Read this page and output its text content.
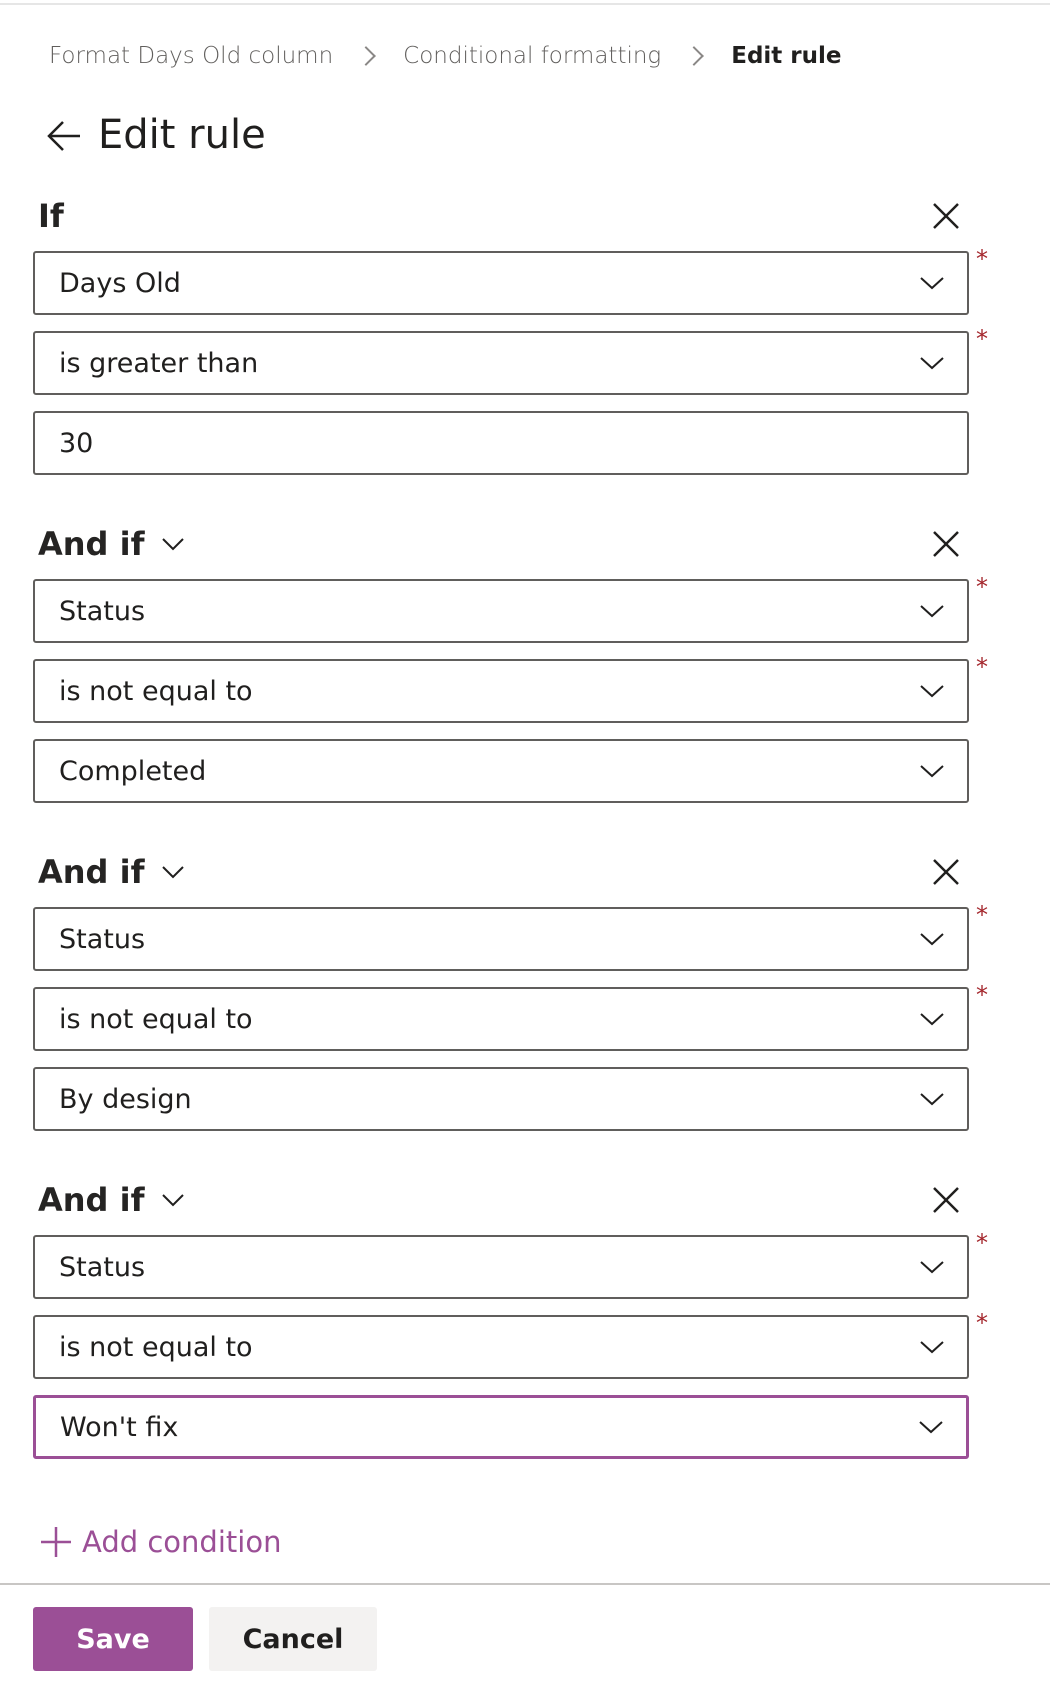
Format Days Old column	Conditional formatting	Edit rule
Edit rule
If
Days Old
*
is greater than
*
30
And if
Status
*
is not equal to
*
Completed
And if
Status
*
is not equal to
*
By design
And if
Status
*
is not equal to
*
Won't fix
Add condition
Save	Cancel
